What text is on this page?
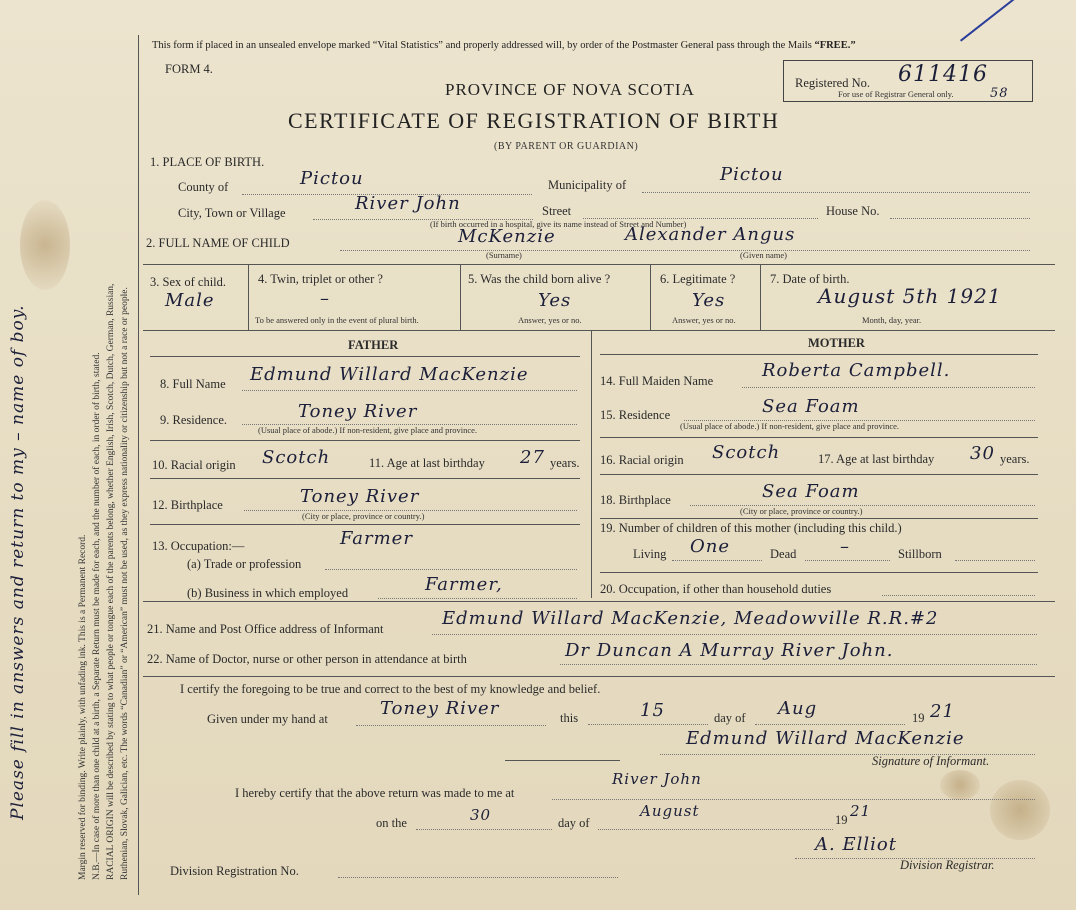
Margin reserved for binding. Write plainly, with unfading ink. This is a Permanent Record. N.B.—In case of more than one child at a birth, a Separate Return must be made for each, and the number of each, in order of birth, stated. RACIAL ORIGIN will be described by stating to what people or tongue each of the parents belong, whether English, Irish, Scotch, Dutch, German, Russian, Ruthenian, Slovak, Galician, etc. The words “Canadian” or “American” must not be used, as they express nationality or citizenship but not a race or people.
Please fill in answers and return to my – name of boy.
This form if placed in an unsealed envelope marked “Vital Statistics” and properly addressed will, by order of the Postmaster General pass through the Mails “FREE.”
FORM 4.
Registered No. 611416
For use of Registrar General only.	58
PROVINCE OF NOVA SCOTIA
CERTIFICATE OF REGISTRATION OF BIRTH
(BY PARENT OR GUARDIAN)
1. PLACE OF BIRTH.
County of	Pictou	Municipality of	Pictou
City, Town or Village	River John	Street	House No.
(If birth occurred in a hospital, give its name instead of Street and Number)
2. FULL NAME OF CHILD	McKenzie	Alexander Angus
(Surname)	(Given name)
3. Sex of child.
Male
4. Twin, triplet or other ?
–
To be answered only in the event of plural birth.
5. Was the child born alive ?
Yes
Answer, yes or no.
6. Legitimate ?
Yes
Answer, yes or no.
7. Date of birth.
August 5th 1921
Month, day, year.
FATHER	MOTHER
8. Full Name Edmund Willard MacKenzie
9. Residence.	Toney River
(Usual place of abode.) If non-resident, give place and province.
10. Racial origin Scotch	11. Age at last birthday 27 years.
12. Birthplace	Toney River
(City or place, province or country.)
13. Occupation:—	Farmer
(a) Trade or profession
(b) Business in which employed	Farmer,
14. Full Maiden Name	Roberta Campbell.
15. Residence	Sea Foam
(Usual place of abode.) If non-resident, give place and province.
16. Racial origin Scotch	17. Age at last birthday 30 years.
18. Birthplace	Sea Foam
(City or place, province or country.)
19. Number of children of this mother (including this child.)
Living One	Dead –	Stillborn
20. Occupation, if other than household duties
21. Name and Post Office address of Informant	Edmund Willard MacKenzie, Meadowville R.R.#2
22. Name of Doctor, nurse or other person in attendance at birth	Dr Duncan A Murray River John.
I certify the foregoing to be true and correct to the best of my knowledge and belief.
Given under my hand at	Toney River	this	15	day of Aug	19 21
Edmund Willard MacKenzie
Signature of Informant.
I hereby certify that the above return was made to me at
River John
on the	30	day of
August	19 21
A. Elliot
Division Registrar.
Division Registration No.
